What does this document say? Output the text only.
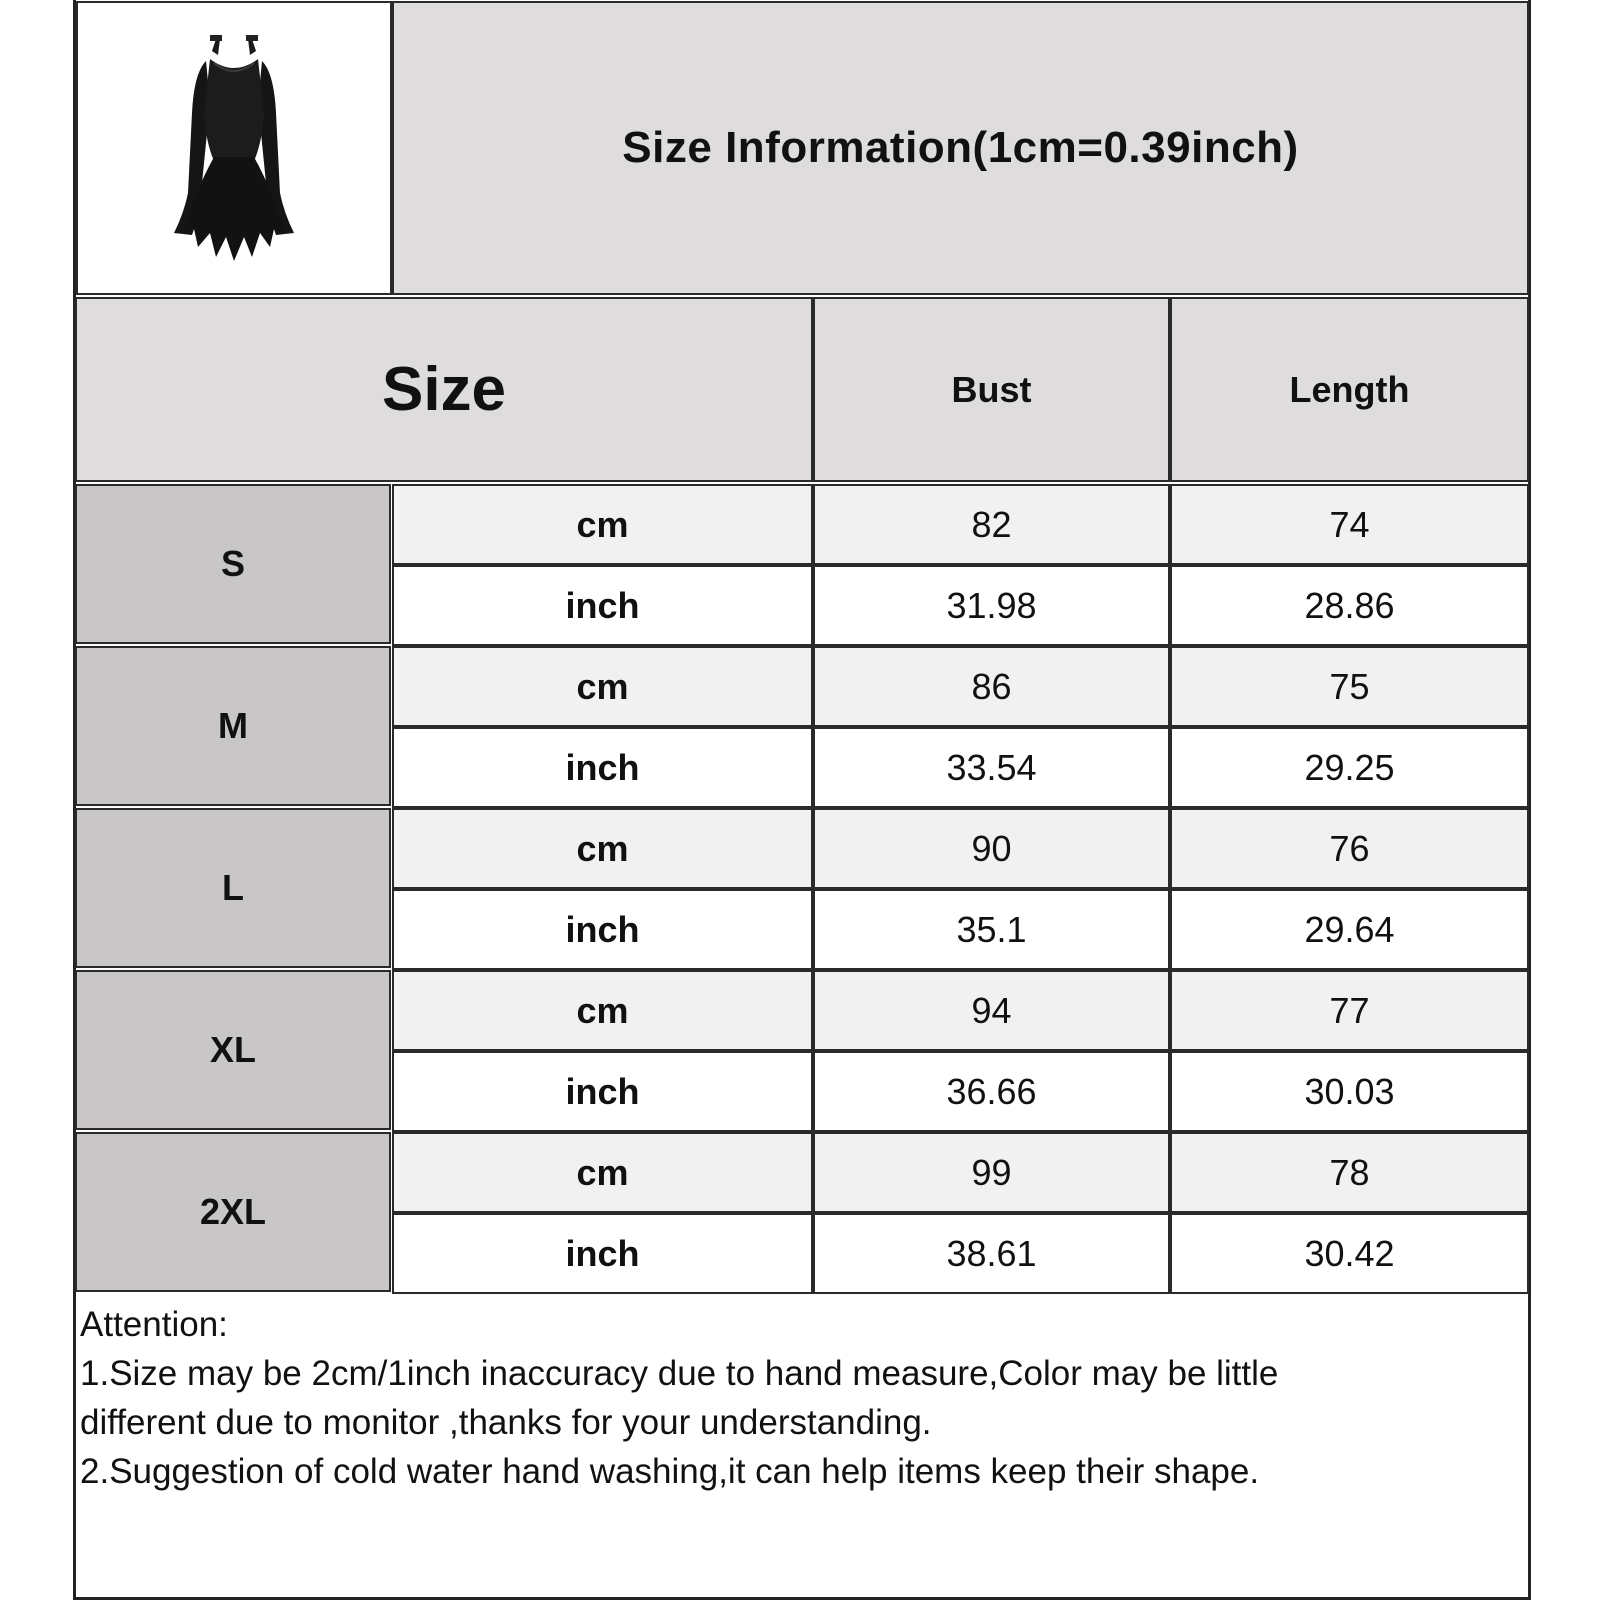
Size Information(1cm=0.39inch)
Size	Bust	Length
S
cm	82	74
inch	31.98	28.86
M
cm	86	75
inch	33.54	29.25
L
cm	90	76
inch	35.1	29.64
XL
cm	94	77
inch	36.66	30.03
2XL
cm	99	78
inch	38.61	30.42
Attention:
1.Size may be 2cm/1inch inaccuracy due to hand measure,Color may be little
different due to monitor ,thanks for your understanding.
2.Suggestion of cold water hand washing,it can help items keep their shape.
